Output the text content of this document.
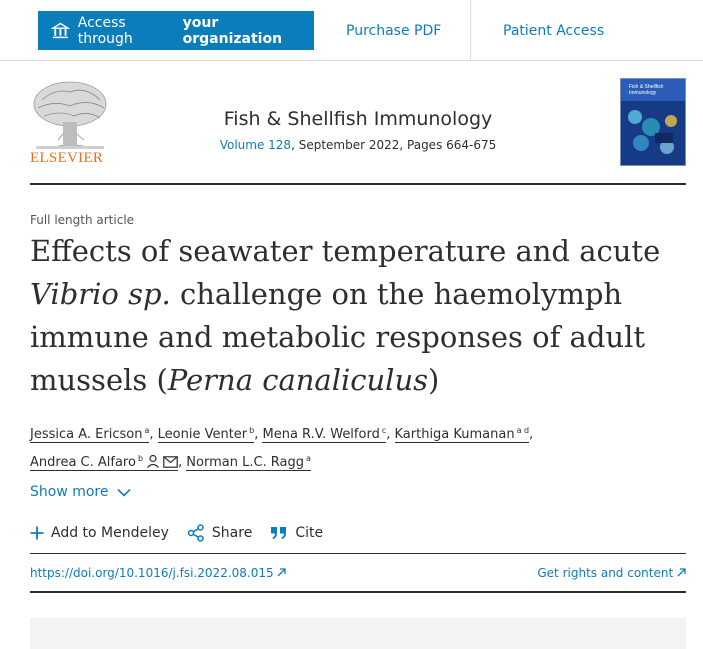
Access through
your organization	Purchase PDF	Patient Access
ELSEVIER
Fish & Shellfish Immunology
Volume 128, September 2022, Pages 664-675
Fish & Shellfish Immunology
Full length article
Effects of seawater temperature and acute Vibrio sp. challenge on the haemolymph immune and metabolic responses of adult mussels (Perna canaliculus)
Jessica A. Ericson $^a$, Leonie Venter $^b$, Mena R.V. Welford $^c$, Karthiga Kumanan $^{a d}$,
Andrea C. Alfaro $^b$	, Norman L.C. Ragg $^a$
Show more
Add to Mendeley	Share	Cite
https://doi.org/10.1016/j.fsi.2022.08.015	Get rights and content
